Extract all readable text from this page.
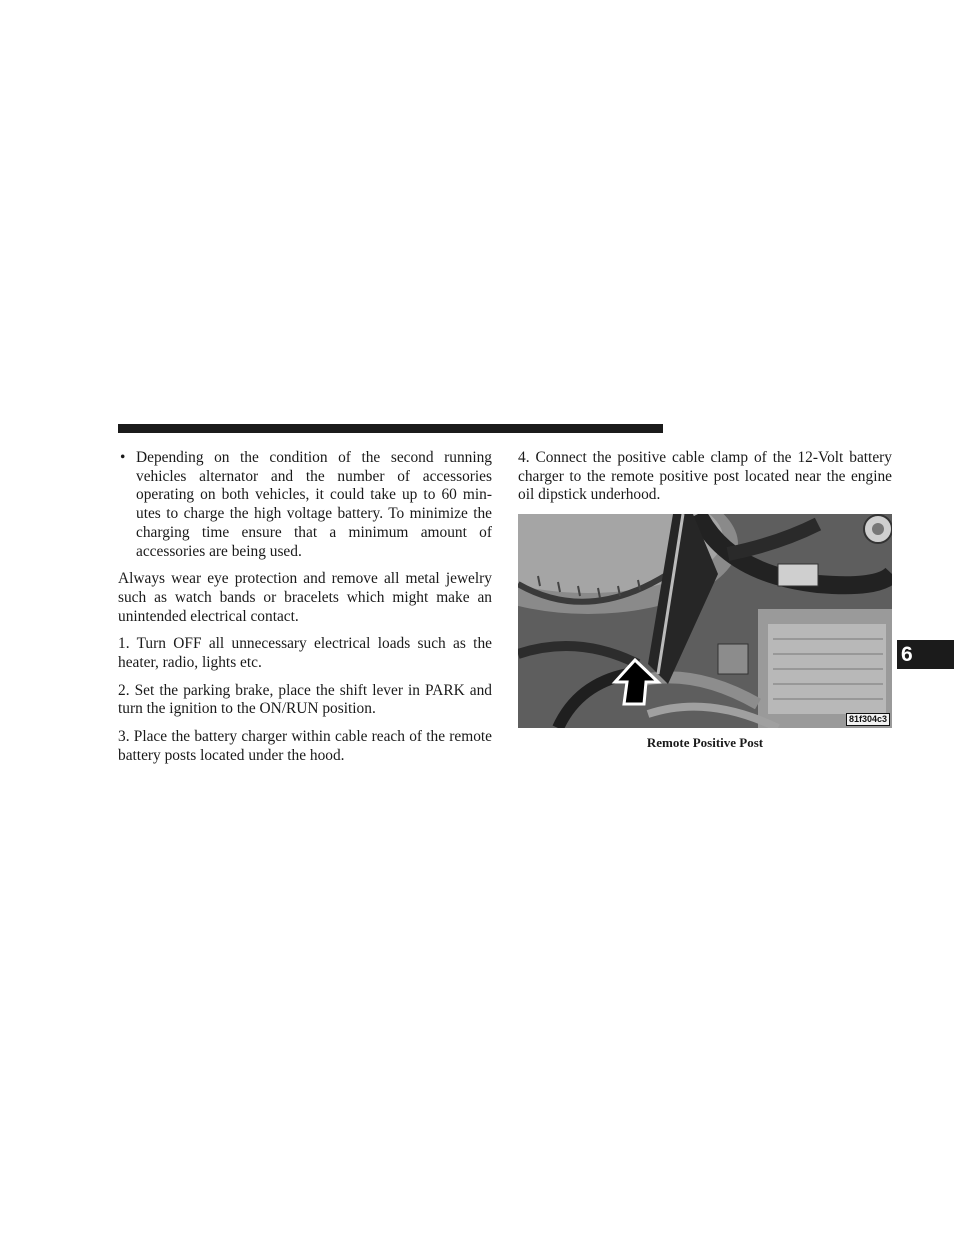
• Depending on the condition of the second running vehicles alternator and the number of accessories operating on both vehicles, it could take up to 60 min-utes to charge the high voltage battery. To minimize the charging time ensure that a minimum amount of accessories are being used.

Always wear eye protection and remove all metal jewelry such as watch bands or bracelets which might make an unintended electrical contact.

1. Turn OFF all unnecessary electrical loads such as the heater, radio, lights etc.

2. Set the parking brake, place the shift lever in PARK and turn the ignition to the ON/RUN position.

3. Place the battery charger within cable reach of the remote battery posts located under the hood.

4. Connect the positive cable clamp of the 12-Volt battery charger to the remote positive post located near the engine oil dipstick underhood.

81f304c3
Remote Positive Post
6
